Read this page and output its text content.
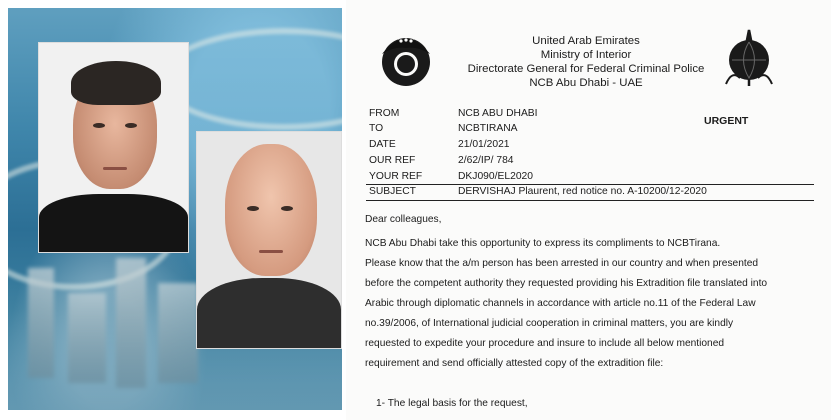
United Arab Emirates
Ministry of Interior
Directorate General for Federal Criminal Police
NCB Abu Dhabi - UAE
URGENT
FROM	NCB ABU DHABI
TO	NCBTIRANA
DATE	21/01/2021
OUR REF	2/62/IP/ 784
YOUR REF	DKJ090/EL2020
SUBJECT	DERVISHAJ Plaurent, red notice no. A-10200/12-2020
Dear colleagues,
NCB Abu Dhabi take this opportunity to express its compliments to NCBTirana.
Please know that the a/m person has been arrested in our country and when presented
before the competent authority they requested providing his Extradition file translated into
Arabic through diplomatic channels in accordance with article no.11 of the Federal Law
no.39/2006, of International judicial cooperation in criminal matters, you are kindly
requested to expedite your procedure and insure to include all below mentioned
requirement and send officially attested copy of the extradition file:
1- The legal basis for the request,
